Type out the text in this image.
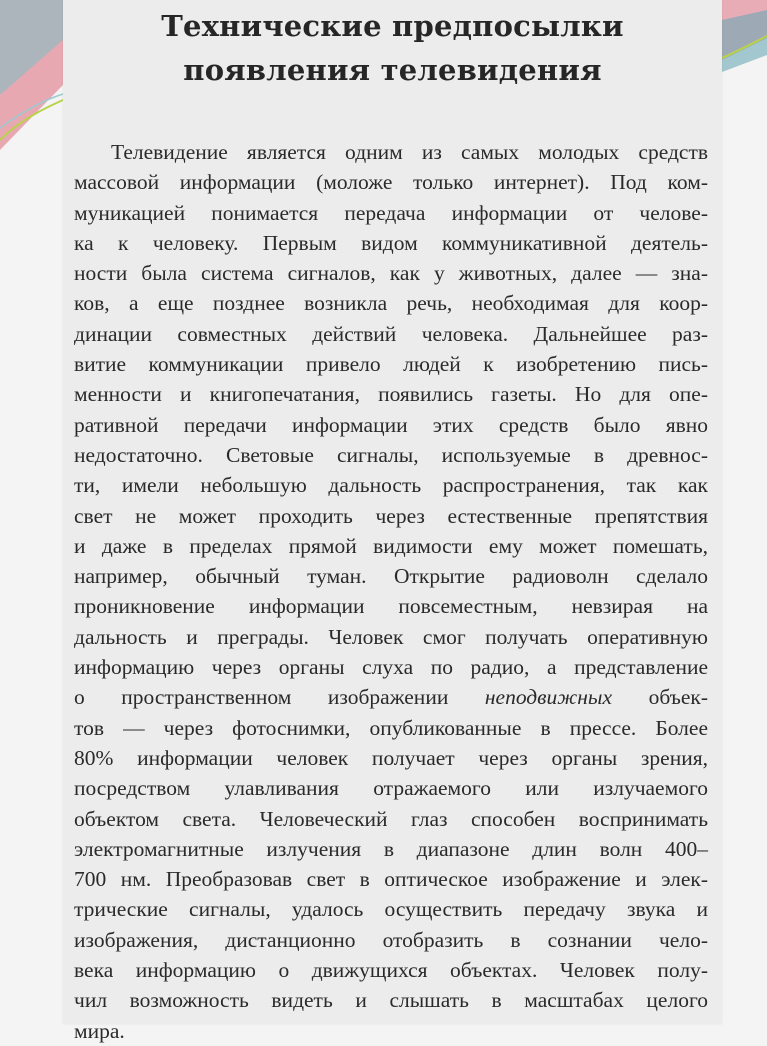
Технические предпосылки
появления телевидения
Телевидение является одним из самых молодых средств
массовой информации (моложе только интернет). Под ком-
муникацией понимается передача информации от челове-
ка к человеку. Первым видом коммуникативной деятель-
ности была система сигналов, как у животных, далее — зна-
ков, а еще позднее возникла речь, необходимая для коор-
динации совместных действий человека. Дальнейшее раз-
витие коммуникации привело людей к изобретению пись-
менности и книгопечатания, появились газеты. Но для опе-
ративной передачи информации этих средств было явно
недостаточно. Световые сигналы, используемые в древнос-
ти, имели небольшую дальность распространения, так как
свет не может проходить через естественные препятствия
и даже в пределах прямой видимости ему может помешать,
например, обычный туман. Открытие радиоволн сделало
проникновение информации повсеместным, невзирая на
дальность и преграды. Человек смог получать оперативную
информацию через органы слуха по радио, а представление
о пространственном изображении неподвижных объек-
тов — через фотоснимки, опубликованные в прессе. Более
80% информации человек получает через органы зрения,
посредством улавливания отражаемого или излучаемого
объектом света. Человеческий глаз способен воспринимать
электромагнитные излучения в диапазоне длин волн 400–
700 нм. Преобразовав свет в оптическое изображение и элек-
трические сигналы, удалось осуществить передачу звука и
изображения, дистанционно отобразить в сознании чело-
века информацию о движущихся объектах. Человек полу-
чил возможность видеть и слышать в масштабах целого
мира.
